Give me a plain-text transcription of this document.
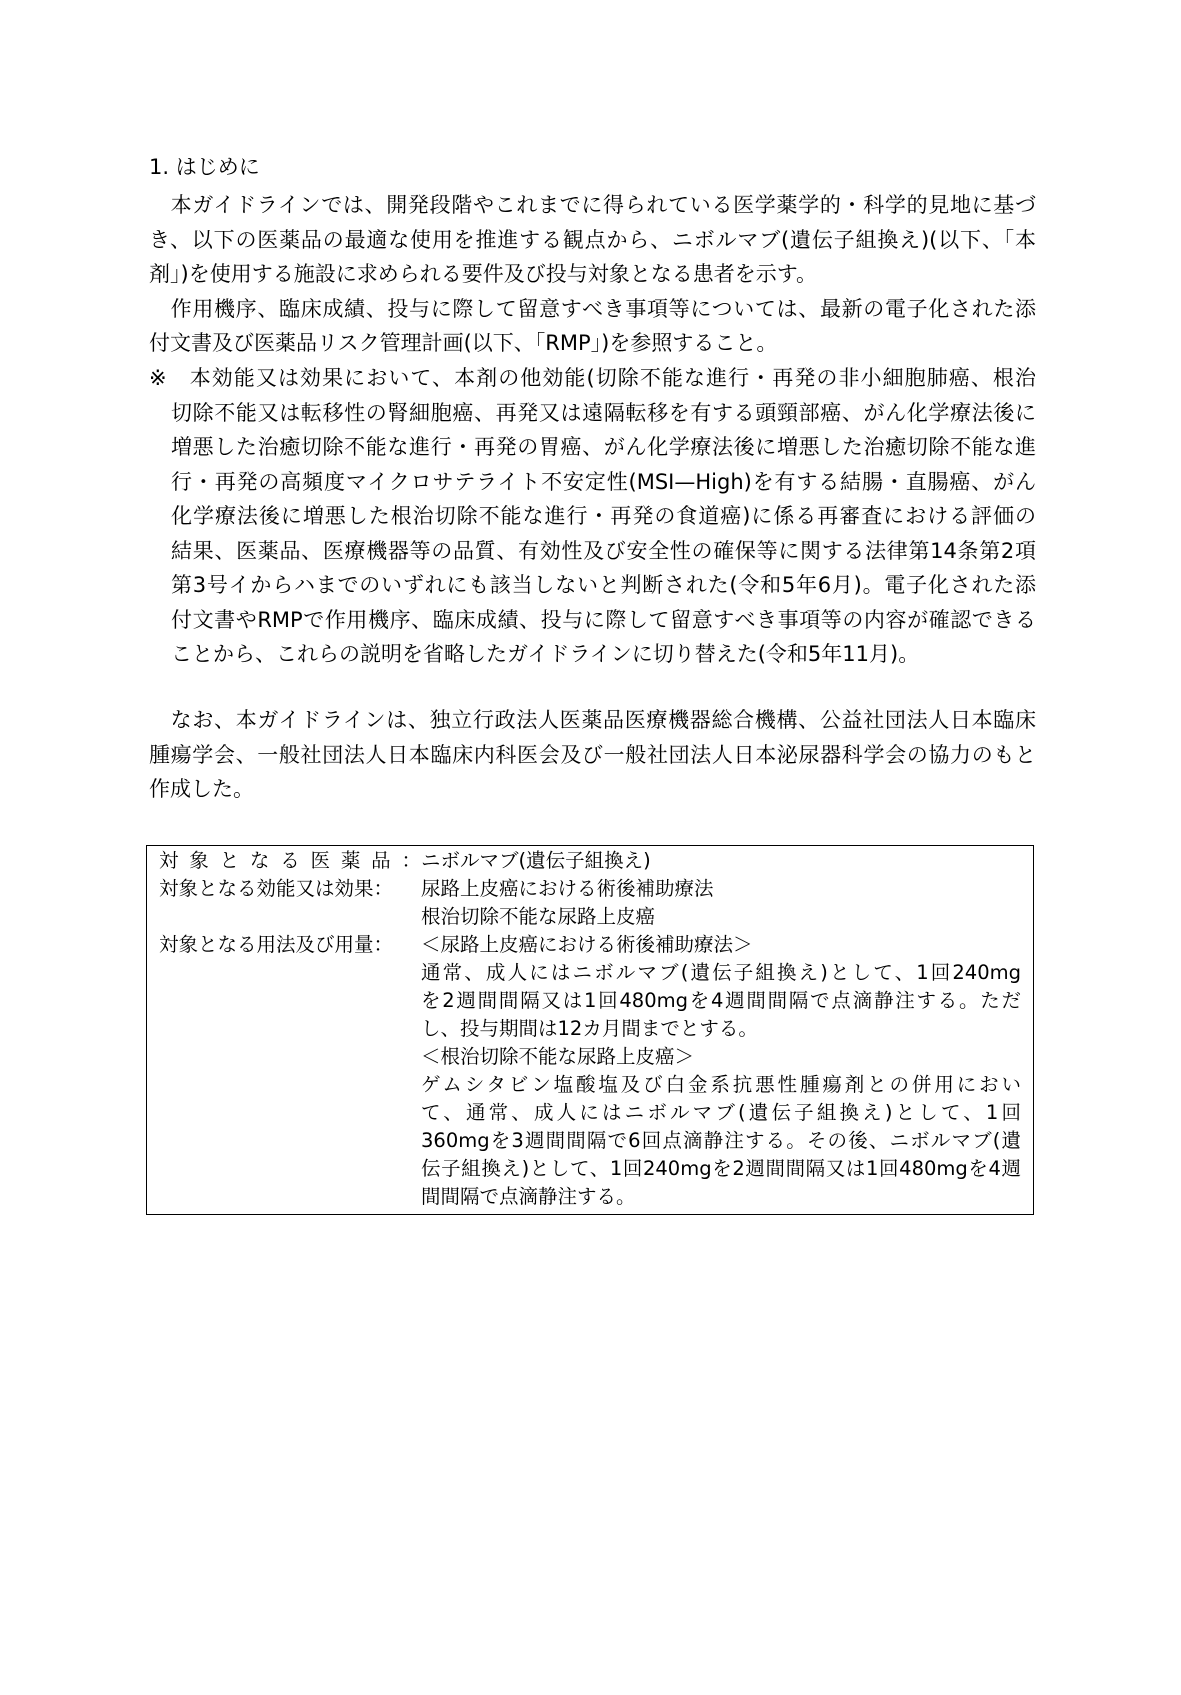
1. はじめに
　本ガイドラインでは、開発段階やこれまでに得られている医学薬学的・科学的見地に基づ
き、以下の医薬品の最適な使用を推進する観点から、ニボルマブ(遺伝子組換え)(以下、「本
剤」)を使用する施設に求められる要件及び投与対象となる患者を示す。
　作用機序、臨床成績、投与に際して留意すべき事項等については、最新の電子化された添
付文書及び医薬品リスク管理計画(以下、「RMP」)を参照すること。
※　本効能又は効果において、本剤の他効能(切除不能な進行・再発の非小細胞肺癌、根治
切除不能又は転移性の腎細胞癌、再発又は遠隔転移を有する頭頸部癌、がん化学療法後に
増悪した治癒切除不能な進行・再発の胃癌、がん化学療法後に増悪した治癒切除不能な進
行・再発の高頻度マイクロサテライト不安定性(MSI—High)を有する結腸・直腸癌、がん
化学療法後に増悪した根治切除不能な進行・再発の食道癌)に係る再審査における評価の
結果、医薬品、医療機器等の品質、有効性及び安全性の確保等に関する法律第14条第2項
第3号イからハまでのいずれにも該当しないと判断された(令和5年6月)。電子化された添
付文書やRMPで作用機序、臨床成績、投与に際して留意すべき事項等の内容が確認できる
ことから、これらの説明を省略したガイドラインに切り替えた(令和5年11月)。
　なお、本ガイドラインは、独立行政法人医薬品医療機器総合機構、公益社団法人日本臨床
腫瘍学会、一般社団法人日本臨床内科医会及び一般社団法人日本泌尿器科学会の協力のもと
作成した。
対象となる医薬品： ニボルマブ(遺伝子組換え)
対象となる効能又は効果：	尿路上皮癌における術後補助療法
根治切除不能な尿路上皮癌
対象となる用法及び用量：	＜尿路上皮癌における術後補助療法＞
通常、成人にはニボルマブ(遺伝子組換え)として、1回240mg
を2週間間隔又は1回480mgを4週間間隔で点滴静注する。ただ
し、投与期間は12カ月間までとする。
＜根治切除不能な尿路上皮癌＞
ゲムシタビン塩酸塩及び白金系抗悪性腫瘍剤との併用におい
て、通常、成人にはニボルマブ(遺伝子組換え)として、1回
360mgを3週間間隔で6回点滴静注する。その後、ニボルマブ(遺
伝子組換え)として、1回240mgを2週間間隔又は1回480mgを4週
間間隔で点滴静注する。
